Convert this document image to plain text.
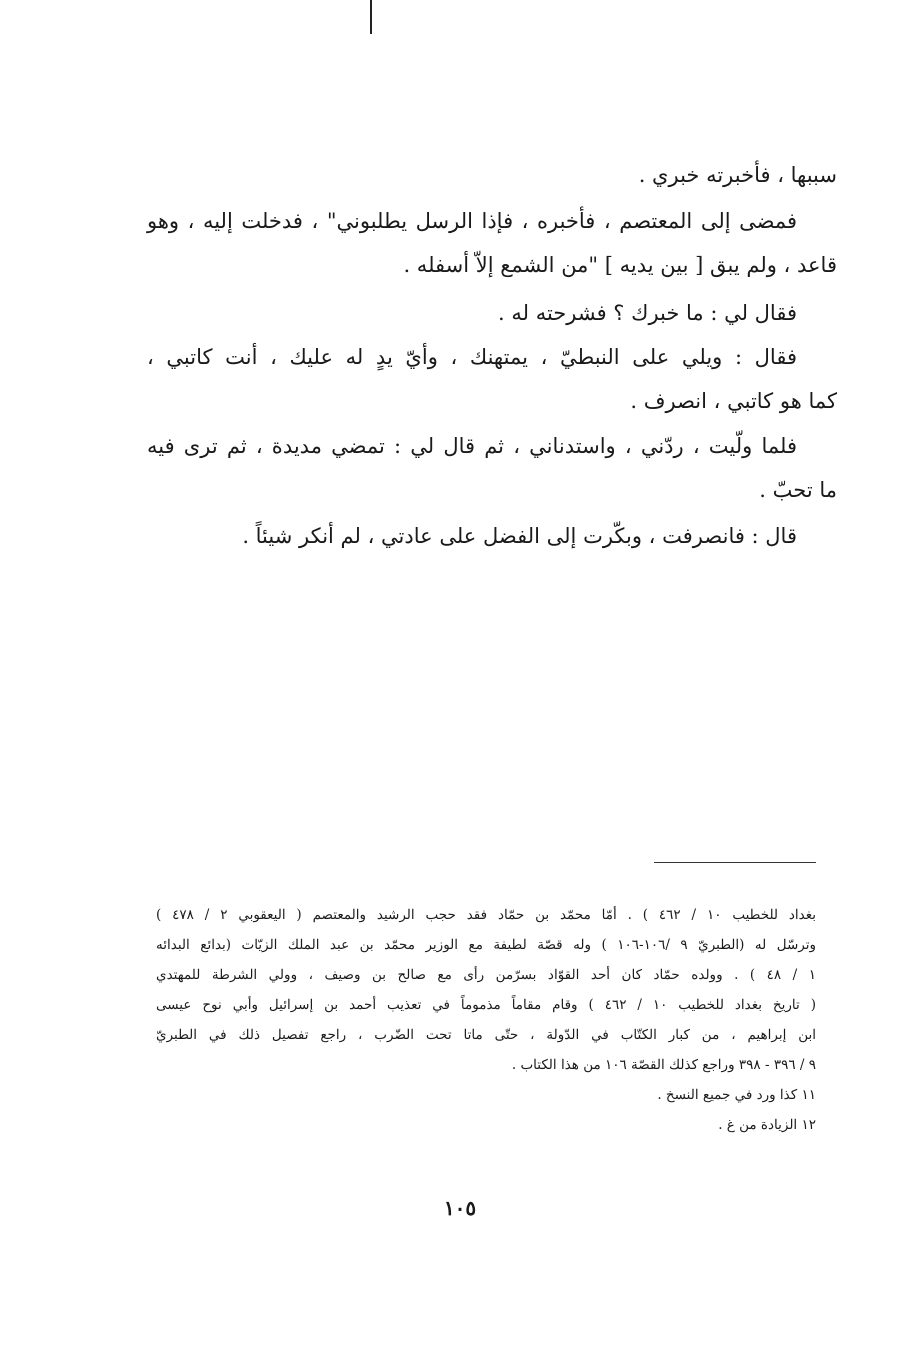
سببها ، فأخبرته خبري .
فمضى إلى المعتصم ، فأخبره ، فإذا الرسل يطلبوني" ، فدخلت إليه ، وهو
قاعد ، ولم يبق [ بين يديه ] "من الشمع إلاّ أسفله .
فقال لي : ما خبرك ؟ فشرحته له .
فقال : ويلي على النبطيّ ، يمتهنك ، وأيّ يدٍ له عليك ، أنت كاتبي ،
كما هو كاتبي ، انصرف .
فلما ولّيت ، ردّني ، واستدناني ، ثم قال لي : تمضي مديدة ، ثم ترى فيه
ما تحبّ .
قال : فانصرفت ، وبكّرت إلى الفضل على عادتي ، لم أنكر شيئاً .
بغداد للخطيب ١٠ / ٤٦٢ ) . أمّا محمّد بن حمّاد فقد حجب الرشيد والمعتصم ( اليعقوبي ٢ / ٤٧٨ )
وترسّل له (الطبريّ ٩ /١٠٦-١٠٦ ) وله قصّة لطيفة مع الوزير محمّد بن عبد الملك الزيّات (بدائع البدائه
١ / ٤٨ ) . وولده حمّاد كان أحد القوّاد بسرّمن رأى مع صالح بن وصيف ، وولي الشرطة للمهتدي
( تاريخ بغداد للخطيب ١٠ / ٤٦٢ ) وقام مقاماً مذموماً في تعذيب أحمد بن إسرائيل وأبي نوح عيسى
ابن إبراهيم ، من كبار الكتّاب في الدّولة ، حتّى ماتا تحت الضّرب ، راجع تفصيل ذلك في الطبريّ
٩ / ٣٩٦ - ٣٩٨ وراجع كذلك القصّة ١٠٦ من هذا الكتاب .
١١ كذا ورد في جميع النسخ .
١٢ الزيادة من غ .
١٠٥
